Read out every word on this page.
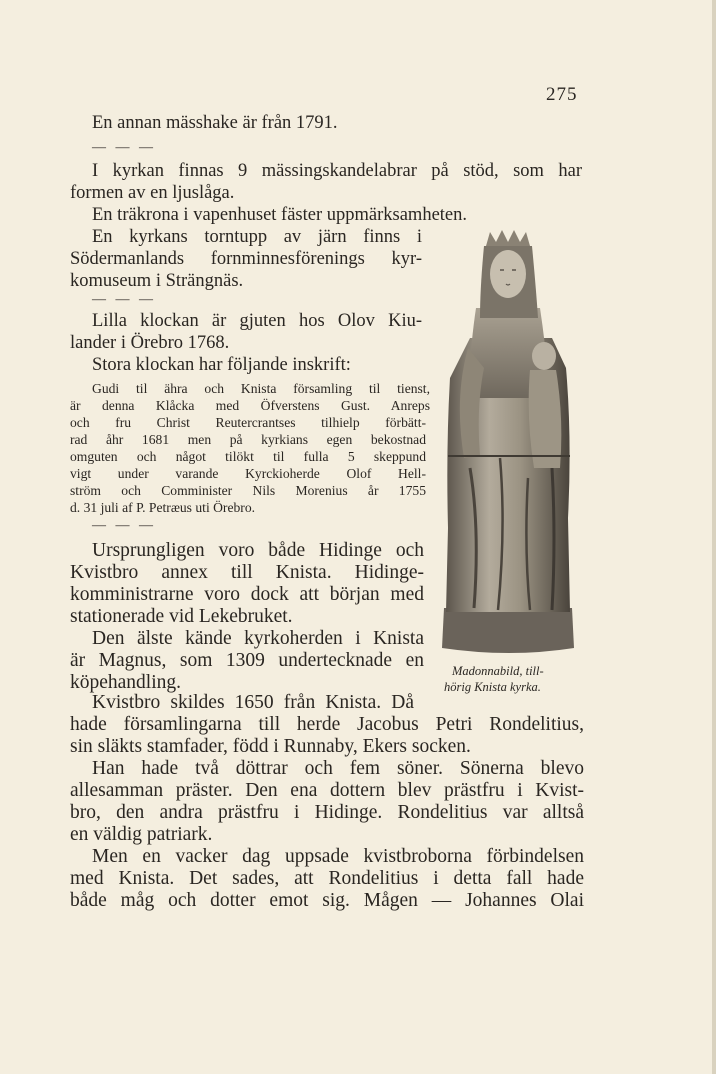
275
En annan mässhake är från 1791.
— — —
I kyrkan finnas 9 mässingskandelabrar på stöd, som har
formen av en ljuslåga.
En träkrona i vapenhuset fäster uppmärksamheten.
En kyrkans torntupp av järn finns i
Södermanlands fornminnesförenings kyr-
komuseum i Strängnäs.
— — —
Lilla klockan är gjuten hos Olov Kiu-
lander i Örebro 1768.
Stora klockan har följande inskrift:
Gudi til ähra och Knista församling til tienst,
är denna Klåcka med Öfverstens Gust. Anreps
och fru Christ Reutercrantses tilhielp förbätt-
rad åhr 1681 men på kyrkians egen bekostnad
omguten och något tilökt til fulla 5 skeppund
vigt under varande Kyrckioherde Olof Hell-
ström och Comminister Nils Morenius år 1755
d. 31 juli af P. Petræus uti Örebro.
— — —
Ursprungligen voro både Hidinge och
Kvistbro annex till Knista. Hidinge-
komministrarne voro dock att början med
stationerade vid Lekebruket.
Den älste kände kyrkoherden i Knista
är Magnus, som 1309 undertecknade en
köpehandling.
Kvistbro skildes 1650 från Knista. Då
hade församlingarna till herde Jacobus Petri Rondelitius,
sin släkts stamfader, född i Runnaby, Ekers socken.
Han hade två döttrar och fem söner. Sönerna blevo
allesamman präster. Den ena dottern blev prästfru i Kvist-
bro, den andra prästfru i Hidinge. Rondelitius var alltså
en väldig patriark.
Men en vacker dag uppsade kvistbroborna förbindelsen
med Knista. Det sades, att Rondelitius i detta fall hade
både måg och dotter emot sig. Mågen — Johannes Olai
Madonnabild, till-
hörig Knista kyrka.
